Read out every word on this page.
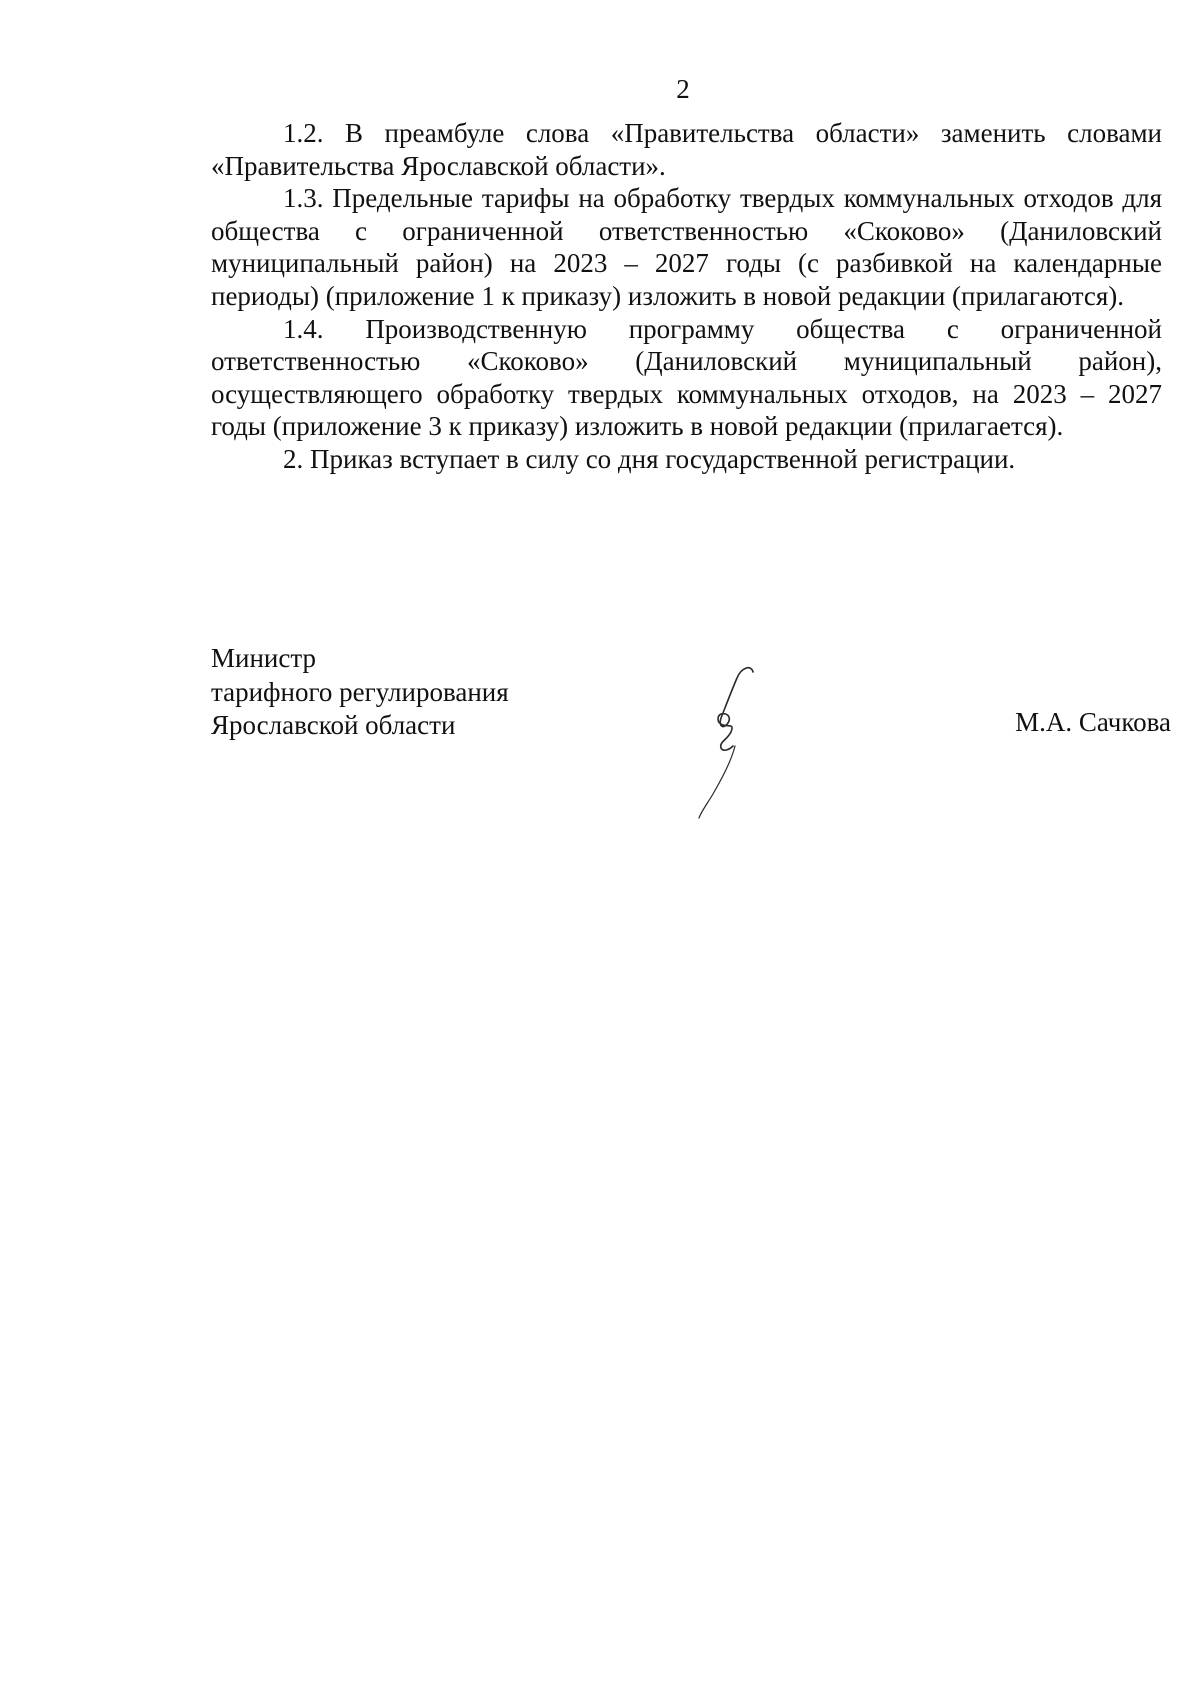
2

1.2. В преамбуле слова «Правительства области» заменить словами «Правительства Ярославской области».

1.3. Предельные тарифы на обработку твердых коммунальных отходов для общества с ограниченной ответственностью «Скоково» (Даниловский муниципальный район) на 2023 – 2027 годы (с разбивкой на календарные периоды) (приложение 1 к приказу) изложить в новой редакции (прилагаются).

1.4. Производственную программу общества с ограниченной ответственностью «Скоково» (Даниловский муниципальный район), осуществляющего обработку твердых коммунальных отходов, на 2023 – 2027 годы (приложение 3 к приказу) изложить в новой редакции (прилагается).

2. Приказ вступает в силу со дня государственной регистрации.

Министр
тарифного регулирования
Ярославской области	М.А. Сачкова
